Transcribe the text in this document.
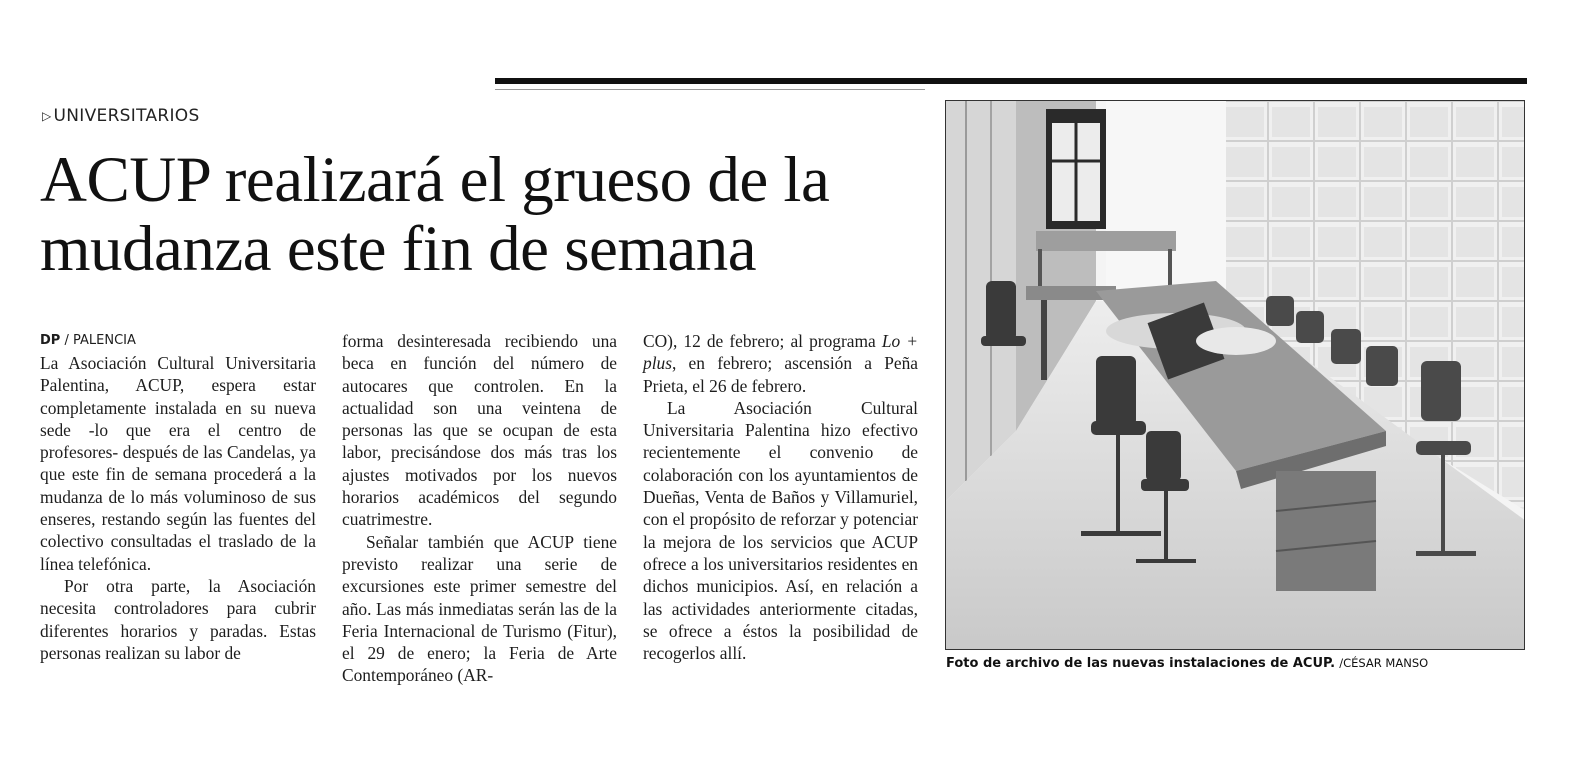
▷ UNIVERSITARIOS
ACUP realizará el grueso de la mudanza este fin de semana
DP / PALENCIA

La Asociación Cultural Universitaria Palentina, ACUP, espera estar completamente instalada en su nueva sede -lo que era el centro de profesores- después de las Candelas, ya que este fin de semana procederá a la mudanza de lo más voluminoso de sus enseres, restando según las fuentes del colectivo consultadas el traslado de la línea telefónica.

Por otra parte, la Asociación necesita controladores para cubrir diferentes horarios y paradas. Estas personas realizan su labor de

forma desinteresada recibiendo una beca en función del número de autocares que controlen. En la actualidad son una veintena de personas las que se ocupan de esta labor, precisándose dos más tras los ajustes motivados por los nuevos horarios académicos del segundo cuatrimestre.

Señalar también que ACUP tiene previsto realizar una serie de excursiones este primer semestre del año. Las más inmediatas serán las de la Feria Internacional de Turismo (Fitur), el 29 de enero; la Feria de Arte Contemporáneo (AR-

CO), 12 de febrero; al programa Lo + plus, en febrero; ascensión a Peña Prieta, el 26 de febrero.

La Asociación Cultural Universitaria Palentina hizo efectivo recientemente el convenio de colaboración con los ayuntamientos de Dueñas, Venta de Baños y Villamuriel, con el propósito de reforzar y potenciar la mejora de los servicios que ACUP ofrece a los universitarios residentes en dichos municipios. Así, en relación a las actividades anteriormente citadas, se ofrece a éstos la posibilidad de recogerlos allí.

Foto de archivo de las nuevas instalaciones de ACUP. /CÉSAR MANSO
